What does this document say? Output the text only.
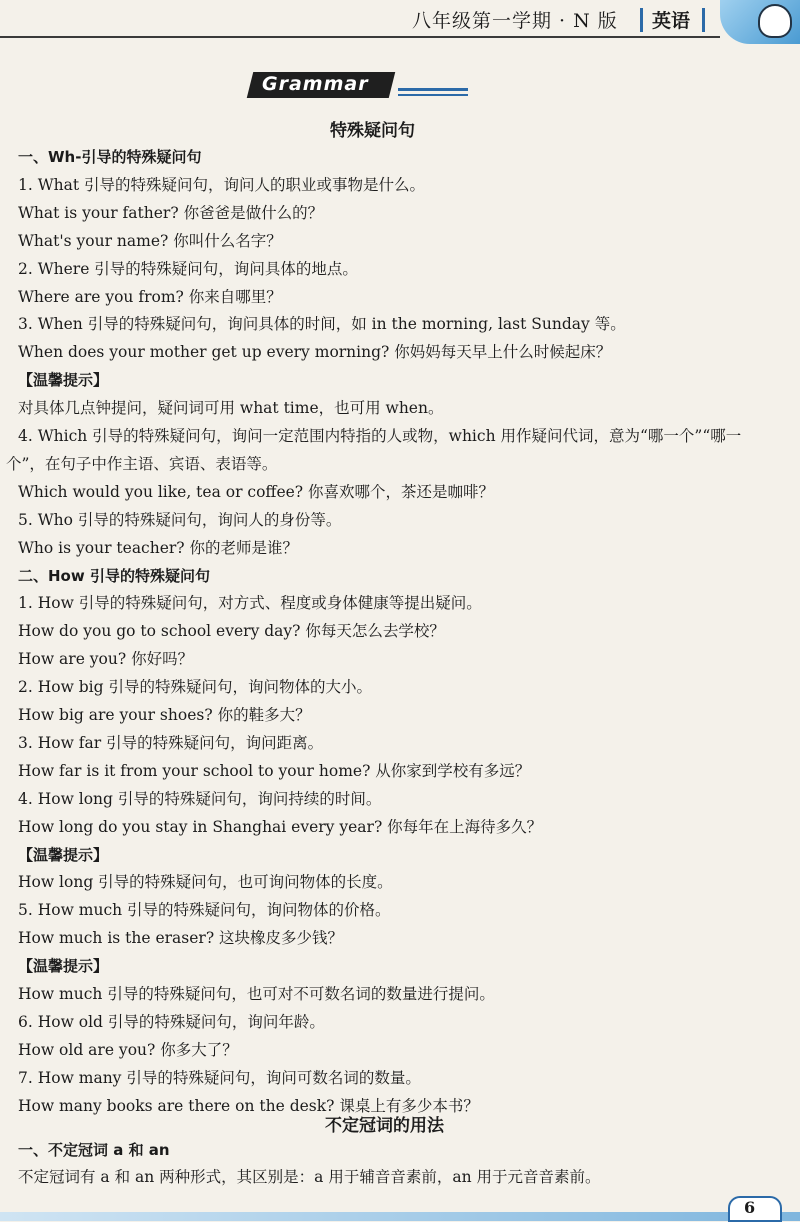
八年级第一学期 · N 版 英语
Grammar
特殊疑问句
一、Wh-引导的特殊疑问句
1. What 引导的特殊疑问句，询问人的职业或事物是什么。
What is your father? 你爸爸是做什么的？
What's your name? 你叫什么名字？
2. Where 引导的特殊疑问句，询问具体的地点。
Where are you from? 你来自哪里？
3. When 引导的特殊疑问句，询问具体的时间，如 in the morning, last Sunday 等。
When does your mother get up every morning? 你妈妈每天早上什么时候起床？
【温馨提示】
对具体几点钟提问，疑问词可用 what time，也可用 when。
4. Which 引导的特殊疑问句，询问一定范围内特指的人或物，which 用作疑问代词，意为“哪一个”“哪一
个”，在句子中作主语、宾语、表语等。
Which would you like, tea or coffee? 你喜欢哪个，茶还是咖啡？
5. Who 引导的特殊疑问句，询问人的身份等。
Who is your teacher? 你的老师是谁？
二、How 引导的特殊疑问句
1. How 引导的特殊疑问句，对方式、程度或身体健康等提出疑问。
How do you go to school every day? 你每天怎么去学校？
How are you? 你好吗？
2. How big 引导的特殊疑问句，询问物体的大小。
How big are your shoes? 你的鞋多大？
3. How far 引导的特殊疑问句，询问距离。
How far is it from your school to your home? 从你家到学校有多远？
4. How long 引导的特殊疑问句，询问持续的时间。
How long do you stay in Shanghai every year? 你每年在上海待多久？
【温馨提示】
How long 引导的特殊疑问句，也可询问物体的长度。
5. How much 引导的特殊疑问句，询问物体的价格。
How much is the eraser? 这块橡皮多少钱？
【温馨提示】
How much 引导的特殊疑问句，也可对不可数名词的数量进行提问。
6. How old 引导的特殊疑问句，询问年龄。
How old are you? 你多大了？
7. How many 引导的特殊疑问句，询问可数名词的数量。
How many books are there on the desk? 课桌上有多少本书？
不定冠词的用法
一、不定冠词 a 和 an
不定冠词有 a 和 an 两种形式，其区别是：a 用于辅音音素前，an 用于元音音素前。
6
